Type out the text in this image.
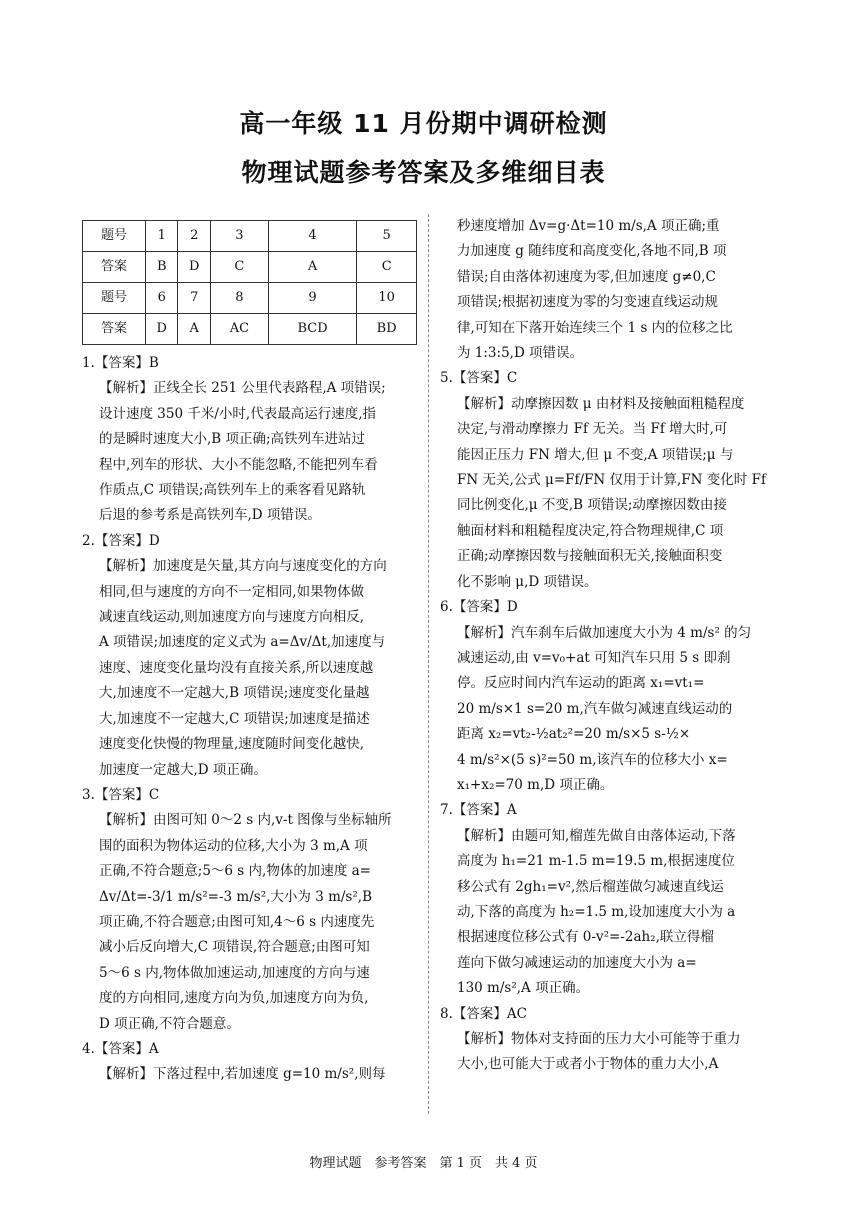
高一年级 11 月份期中调研检测
物理试题参考答案及多维细目表
题号	1	2	3	4	5
答案	B	D	C	A	C
题号	6	7	8	9	10
答案	D	A	AC	BCD	BD

1.【答案】B

【解析】正线全长 251 公里代表路程,A 项错误;

设计速度 350 千米/小时,代表最高运行速度,指

的是瞬时速度大小,B 项正确;高铁列车进站过

程中,列车的形状、大小不能忽略,不能把列车看

作质点,C 项错误;高铁列车上的乘客看见路轨

后退的参考系是高铁列车,D 项错误。

2.【答案】D

【解析】加速度是矢量,其方向与速度变化的方向

相同,但与速度的方向不一定相同,如果物体做

减速直线运动,则加速度方向与速度方向相反,

A 项错误;加速度的定义式为 a=Δv/Δt,加速度与

速度、速度变化量均没有直接关系,所以速度越

大,加速度不一定越大,B 项错误;速度变化量越

大,加速度不一定越大,C 项错误;加速度是描述

速度变化快慢的物理量,速度随时间变化越快,

加速度一定越大,D 项正确。

3.【答案】C

【解析】由图可知 0～2 s 内,v-t 图像与坐标轴所

围的面积为物体运动的位移,大小为 3 m,A 项

正确,不符合题意;5～6 s 内,物体的加速度 a=

Δv/Δt=-3/1 m/s²=-3 m/s²,大小为 3 m/s²,B

项正确,不符合题意;由图可知,4～6 s 内速度先

减小后反向增大,C 项错误,符合题意;由图可知

5～6 s 内,物体做加速运动,加速度的方向与速

度的方向相同,速度方向为负,加速度方向为负,

D 项正确,不符合题意。

4.【答案】A

【解析】下落过程中,若加速度 g=10 m/s²,则每

秒速度增加 Δv=g·Δt=10 m/s,A 项正确;重

力加速度 g 随纬度和高度变化,各地不同,B 项

错误;自由落体初速度为零,但加速度 g≠0,C

项错误;根据初速度为零的匀变速直线运动规

律,可知在下落开始连续三个 1 s 内的位移之比

为 1:3:5,D 项错误。

5.【答案】C

【解析】动摩擦因数 μ 由材料及接触面粗糙程度

决定,与滑动摩擦力 Ff 无关。当 Ff 增大时,可

能因正压力 FN 增大,但 μ 不变,A 项错误;μ 与

FN 无关,公式 μ=Ff/FN 仅用于计算,FN 变化时 Ff

同比例变化,μ 不变,B 项错误;动摩擦因数由接

触面材料和粗糙程度决定,符合物理规律,C 项

正确;动摩擦因数与接触面积无关,接触面积变

化不影响 μ,D 项错误。

6.【答案】D

【解析】汽车刹车后做加速度大小为 4 m/s² 的匀

减速运动,由 v=v₀+at 可知汽车只用 5 s 即刹

停。反应时间内汽车运动的距离 x₁=vt₁=

20 m/s×1 s=20 m,汽车做匀减速直线运动的

距离 x₂=vt₂-½at₂²=20 m/s×5 s-½×

4 m/s²×(5 s)²=50 m,该汽车的位移大小 x=

x₁+x₂=70 m,D 项正确。

7.【答案】A

【解析】由题可知,榴莲先做自由落体运动,下落

高度为 h₁=21 m-1.5 m=19.5 m,根据速度位

移公式有 2gh₁=v²,然后榴莲做匀减速直线运

动,下落的高度为 h₂=1.5 m,设加速度大小为 a

根据速度位移公式有 0-v²=-2ah₂,联立得榴

莲向下做匀减速运动的加速度大小为 a=

130 m/s²,A 项正确。

8.【答案】AC

【解析】物体对支持面的压力大小可能等于重力

大小,也可能大于或者小于物体的重力大小,A

物理试题　参考答案　第 1 页　共 4 页
